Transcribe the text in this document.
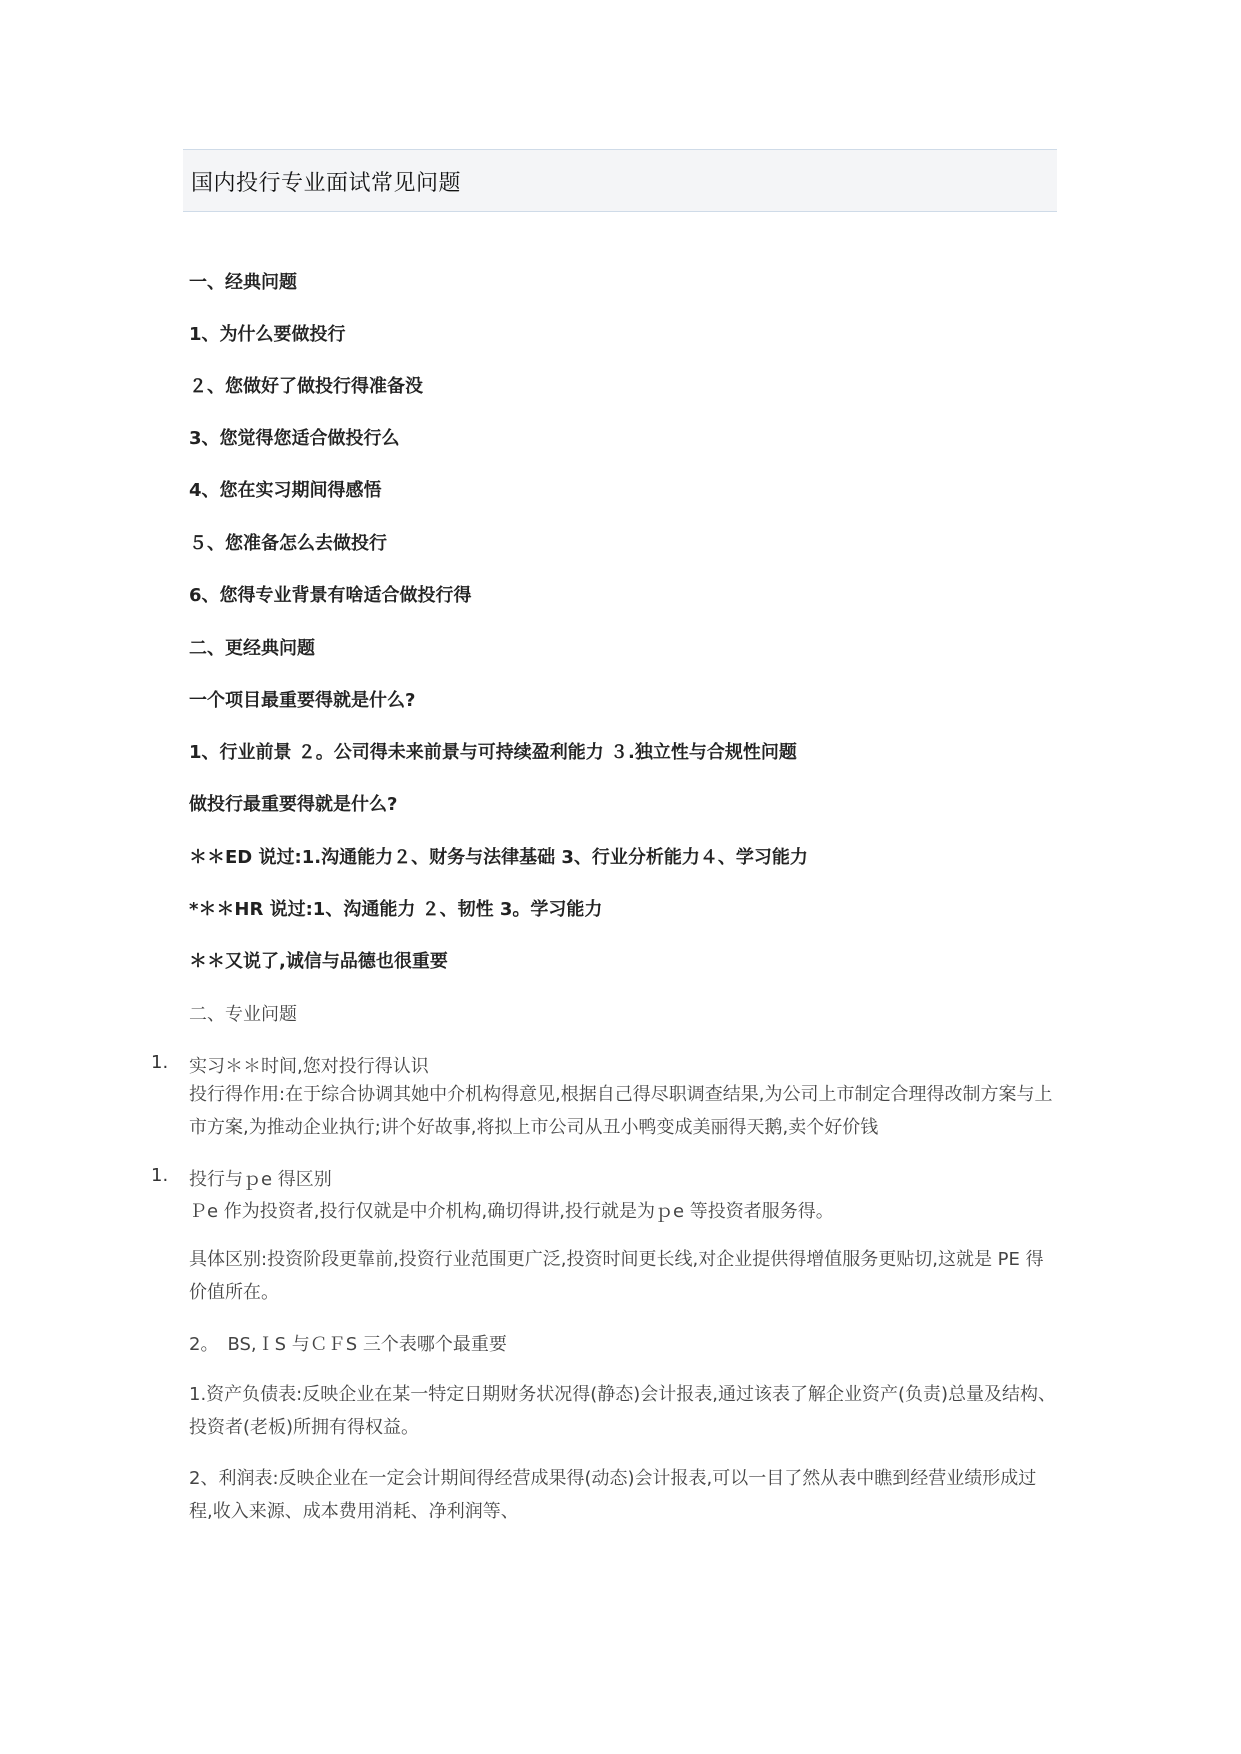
国内投行专业面试常见问题
一、经典问题
1、为什么要做投行
２、您做好了做投行得准备没
3、您觉得您适合做投行么
4、您在实习期间得感悟
５、您准备怎么去做投行
6、您得专业背景有啥适合做投行得
二、更经典问题
一个项目最重要得就是什么?
1、行业前景 ２。公司得未来前景与可持续盈利能力 ３.独立性与合规性问题
做投行最重要得就是什么?
＊＊ED 说过:1.沟通能力２、财务与法律基础 3、行业分析能力４、学习能力
*＊＊HR 说过:1、沟通能力 ２、韧性 3。学习能力
＊＊又说了,诚信与品德也很重要
二、专业问题
1. 实习＊＊时间,您对投行得认识
投行得作用:在于综合协调其她中介机构得意见,根据自己得尽职调查结果,为公司上市制定合理得改制方案与上市方案,为推动企业执行;讲个好故事,将拟上市公司从丑小鸭变成美丽得天鹅,卖个好价钱
1. 投行与ｐe 得区别
Ｐe 作为投资者,投行仅就是中介机构,确切得讲,投行就是为ｐe 等投资者服务得。
具体区别:投资阶段更靠前,投资行业范围更广泛,投资时间更长线,对企业提供得增值服务更贴切,这就是 PE 得价值所在。
2。　BS,ＩS 与ＣＦS 三个表哪个最重要
1.资产负债表:反映企业在某一特定日期财务状况得(静态)会计报表,通过该表了解企业资产(负责)总量及结构、投资者(老板)所拥有得权益。
2、利润表:反映企业在一定会计期间得经营成果得(动态)会计报表,可以一目了然从表中瞧到经营业绩形成过程,收入来源、成本费用消耗、净利润等、
